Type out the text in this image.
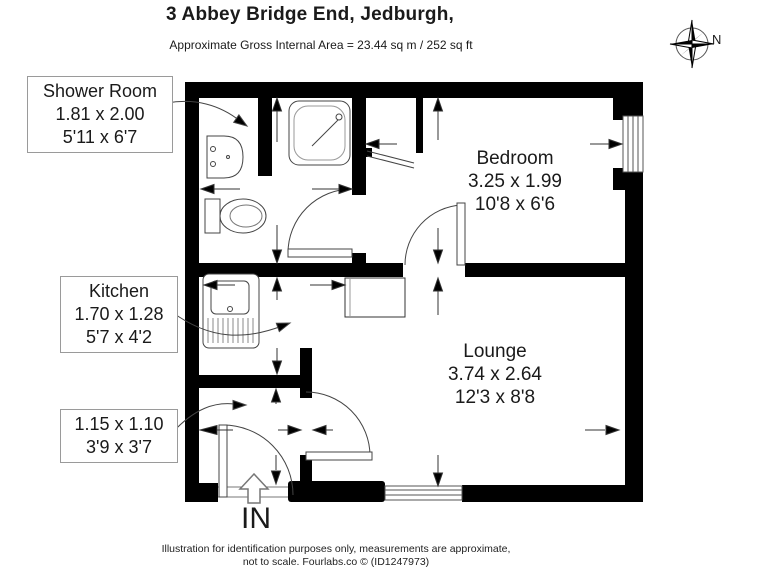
N
3 Abbey Bridge End, Jedburgh,
Approximate Gross Internal Area = 23.44 sq m / 252 sq ft
Shower Room
1.81 x 2.00
5'11 x 6'7
Kitchen
1.70 x 1.28
5'7 x 4'2
1.15 x 1.10
3'9 x 3'7
Bedroom
3.25 x 1.99
10'8 x 6'6
Lounge
3.74 x 2.64
12'3 x 8'8
IN
Illustration for identification purposes only, measurements are approximate,
not to scale. Fourlabs.co © (ID1247973)
